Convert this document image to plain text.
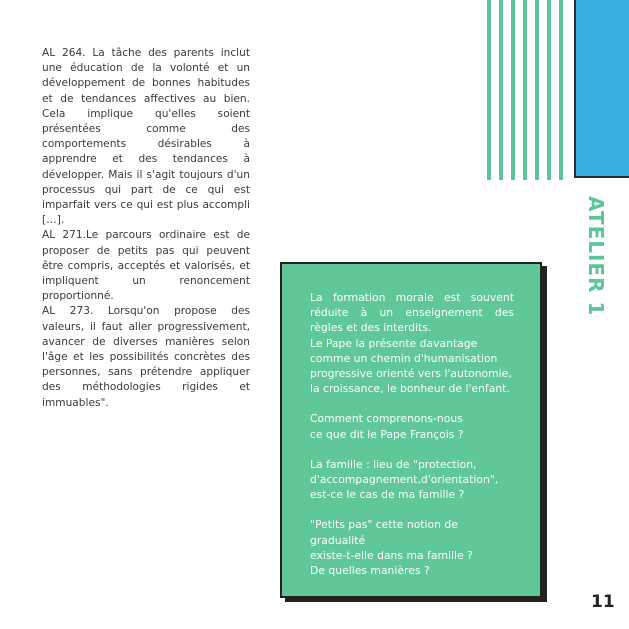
AL 264. La tâche des parents inclut une éducation de la volonté et un développement de bonnes habitudes et de tendances affectives au bien. Cela implique qu'elles soient présentées comme des comportements désirables à apprendre et des tendances à développer. Mais il s'agit toujours d'un processus qui part de ce qui est imparfait vers ce qui est plus accompli […].

AL 271.Le parcours ordinaire est de proposer de petits pas qui peuvent être compris, acceptés et valorisés, et impliquent un renoncement proportionné.

AL 273. Lorsqu'on propose des valeurs, il faut aller progressivement, avancer de diverses manières selon l'âge et les possibilités concrètes des personnes, sans prétendre appliquer des méthodologies rigides et immuables".

ATELIER 1

La formation morale est souvent réduite à un enseignement des règles et des interdits.

Le Pape la présente davantage comme un chemin d'humanisation progressive orienté vers l'autonomie, la croissance, le bonheur de l'enfant.

Comment comprenons-nous

ce que dit le Pape François ?

La famille : lieu de "protection,

d'accompagnement,d'orientation",

est-ce le cas de ma famille ?

"Petits pas" cette notion de gradualité

existe-t-elle dans ma famille ?

De quelles manières ?

11
